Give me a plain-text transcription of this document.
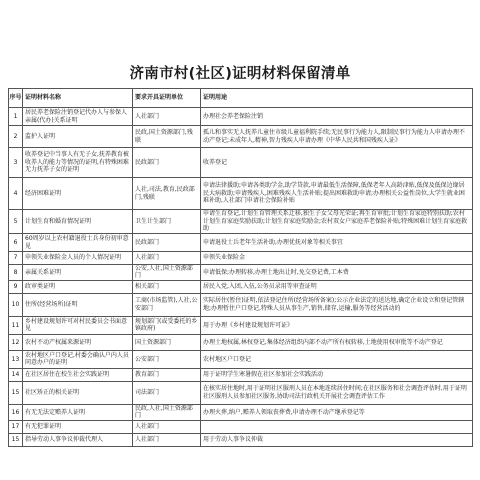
济南市村(社区)证明材料保留清单
序号	证明材料名称	要求开具证明单位	证明用途
1	居民养老保险注销登记代办人与参保人亲属(代办)关系证明	人社部门	办理社会养老保险注销
2	监护人证明	民政,国土资源部门,残联	孤儿和事实无人抚养儿童住市级儿童福利院手续;无民事行为能力人,限制民事行为能力人申请办理不动产登记;未成年人,精神,智力残疾人申请办理《中华人民共和国残疾人证》
3	收养登记中当事人有无子女,抚养教育被收养人的能力等情况的证明,有特殊困难无力抚养子女的证明	民政部门	收养登记
4	经济困难证明	人社,司法,教育,民政部门,残联	申请法律援助;申请各类助学金,助学贷款,申请最低生活保障,低保老年人高龄津贴,低保及低保边缘居民大病救助;申请残疾人,困难残疾人生活补贴;提出困难救助申请;办理相关公益性岗位,大学生就业困难补助,人社部门申请社会保险补贴
5	计划生育和婚育情况证明	卫生计生部门	申请生育登记,计划生育管理关系迁移,独生子女父母光荣证;再生育审批;计划生育家庭特别扶助;农村计划生育家庭奖励扶助;计划生育家庭奖励金;农村双女户家庭养老保险补贴;特殊困难计划生育家庭救助
6	60周岁以上农村籍退役士兵身份初审意见	民政部门	申请退役士兵老年生活补助,办理优抚对象等相关事宜
7	申领失业保险金人员的个人情况证明	人社部门	申领失业保险金
8	亲属关系证明	公安,人社,国土资源部门	申请低保;办理转移,办理土地出让时,免交登记费,工本费
9	政审类证明	相关部门	居民入党,入团,入伍,公务员录用等审查证明
10	住所(经营场所)证明	工商(市场监管),人社,公安部门	实际居住(暂住)证明,依法登记住所(经营场所备案);公示企业法定的送达地,确定企业设立和登记管辖地;办理暂住户口登记,特殊人员从事生产,销售,储存,运输,服务等经营活动的
11	乡村建设规划许可对村民委员会书面意见	规划部门(或受委托的乡镇政府)	用于办理《乡村建设规划许可证》
12	农村不动产权属来源证明	国土资源部门	办理土地权属,林权登记,集体经济组织内部不动产所有权转移,土地使用权审批等不动产登记
13	农村地区户口登记,村委会确认户内人员同意办户的证明	公安部门	农村地区户口登记
14	在社区居住在校生社会实践证明	教育部门	用于证明学生寒暑假在社区参加社会实践活动
15	社区矫正的相关证明	司法部门	在核实居住地时,用于证明社区服刑人员在本地连续居住时间;在社区服务和社会调查评估时,用于证明社区服刑人员参加社区服务,协助司法行政机关开展社会调查评估工作
16	有无无法定赡养人证明	民政,人社,国土资源部门	办理火葬,纳户,赡养人领取丧葬费,申请办理不动产继承登记等
17	有无犯罪证明	人社部门	
15	指导劳动人事争议仲裁代理人	人社部门	用于劳动人事争议仲裁
